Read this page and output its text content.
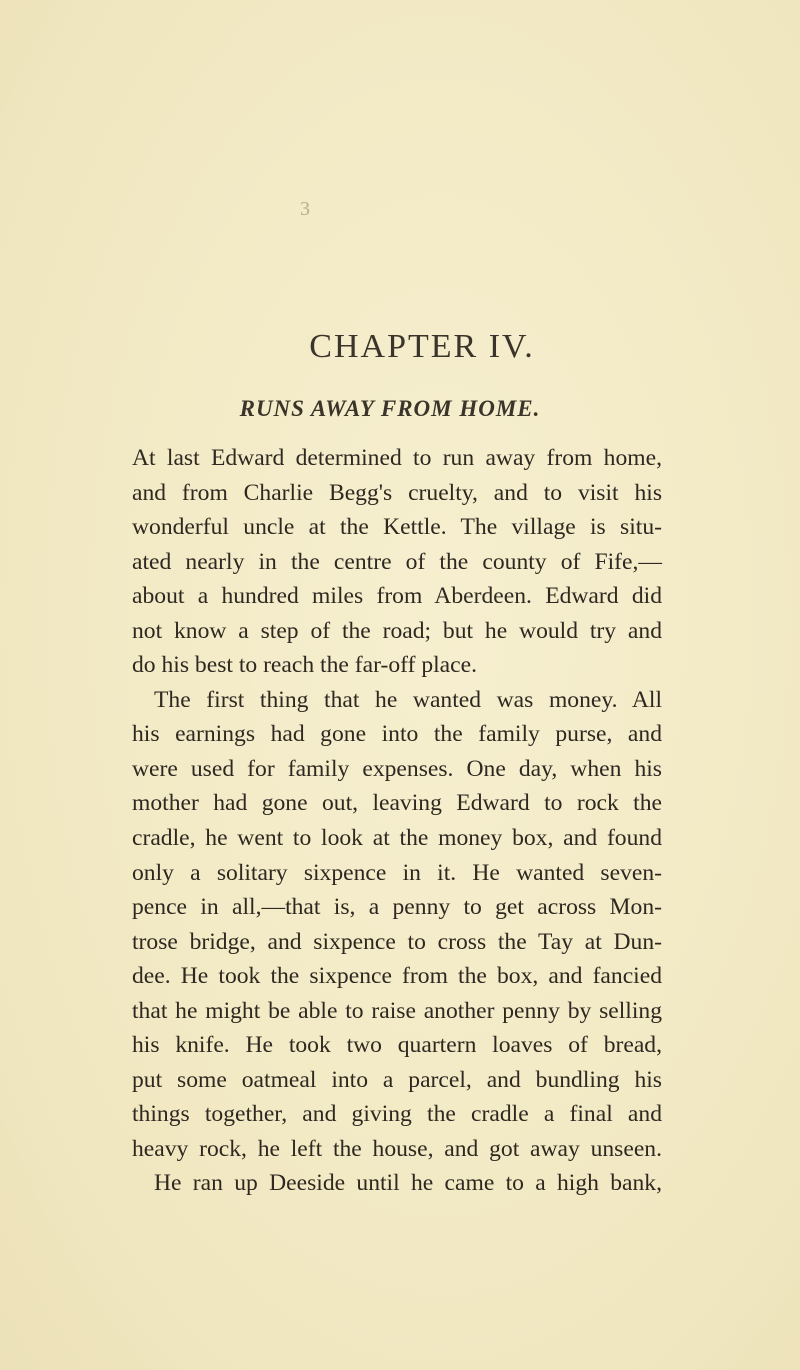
3
CHAPTER IV.
RUNS AWAY FROM HOME.
At last Edward determined to run away from home,
and from Charlie Begg's cruelty, and to visit his
wonderful uncle at the Kettle. The village is situ-
ated nearly in the centre of the county of Fife,—
about a hundred miles from Aberdeen. Edward did
not know a step of the road; but he would try and
do his best to reach the far-off place.
The first thing that he wanted was money. All
his earnings had gone into the family purse, and
were used for family expenses. One day, when his
mother had gone out, leaving Edward to rock the
cradle, he went to look at the money box, and found
only a solitary sixpence in it. He wanted seven-
pence in all,—that is, a penny to get across Mon-
trose bridge, and sixpence to cross the Tay at Dun-
dee. He took the sixpence from the box, and fancied
that he might be able to raise another penny by selling
his knife. He took two quartern loaves of bread,
put some oatmeal into a parcel, and bundling his
things together, and giving the cradle a final and
heavy rock, he left the house, and got away unseen.
He ran up Deeside until he came to a high bank,
